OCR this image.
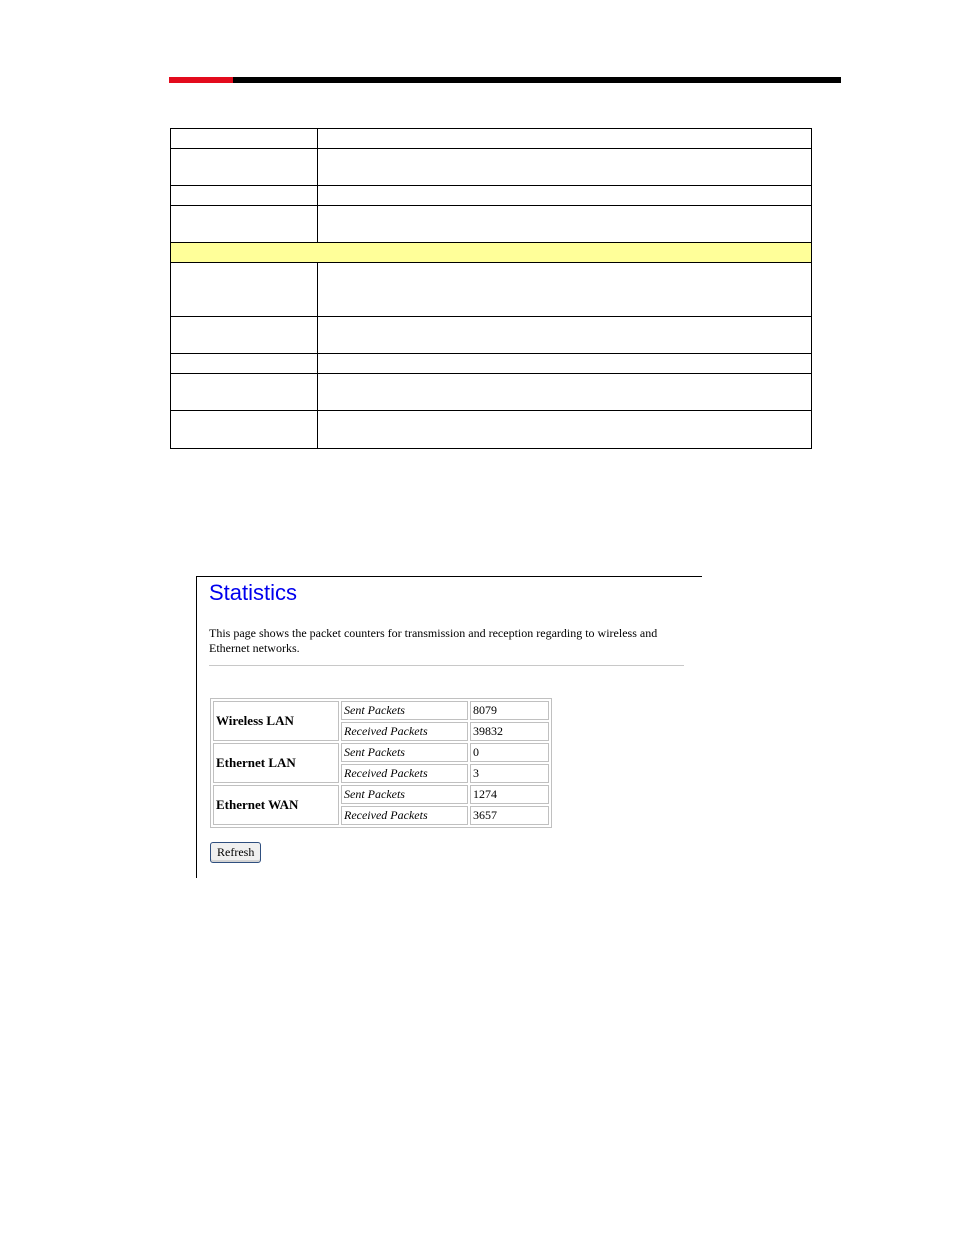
Statistics

This page shows the packet counters for transmission and reception regarding to wireless and Ethernet networks.

Wireless LAN	Sent Packets	8079
	Received Packets	39832
Ethernet LAN	Sent Packets	0
	Received Packets	3
Ethernet WAN	Sent Packets	1274
	Received Packets	3657
Refresh
